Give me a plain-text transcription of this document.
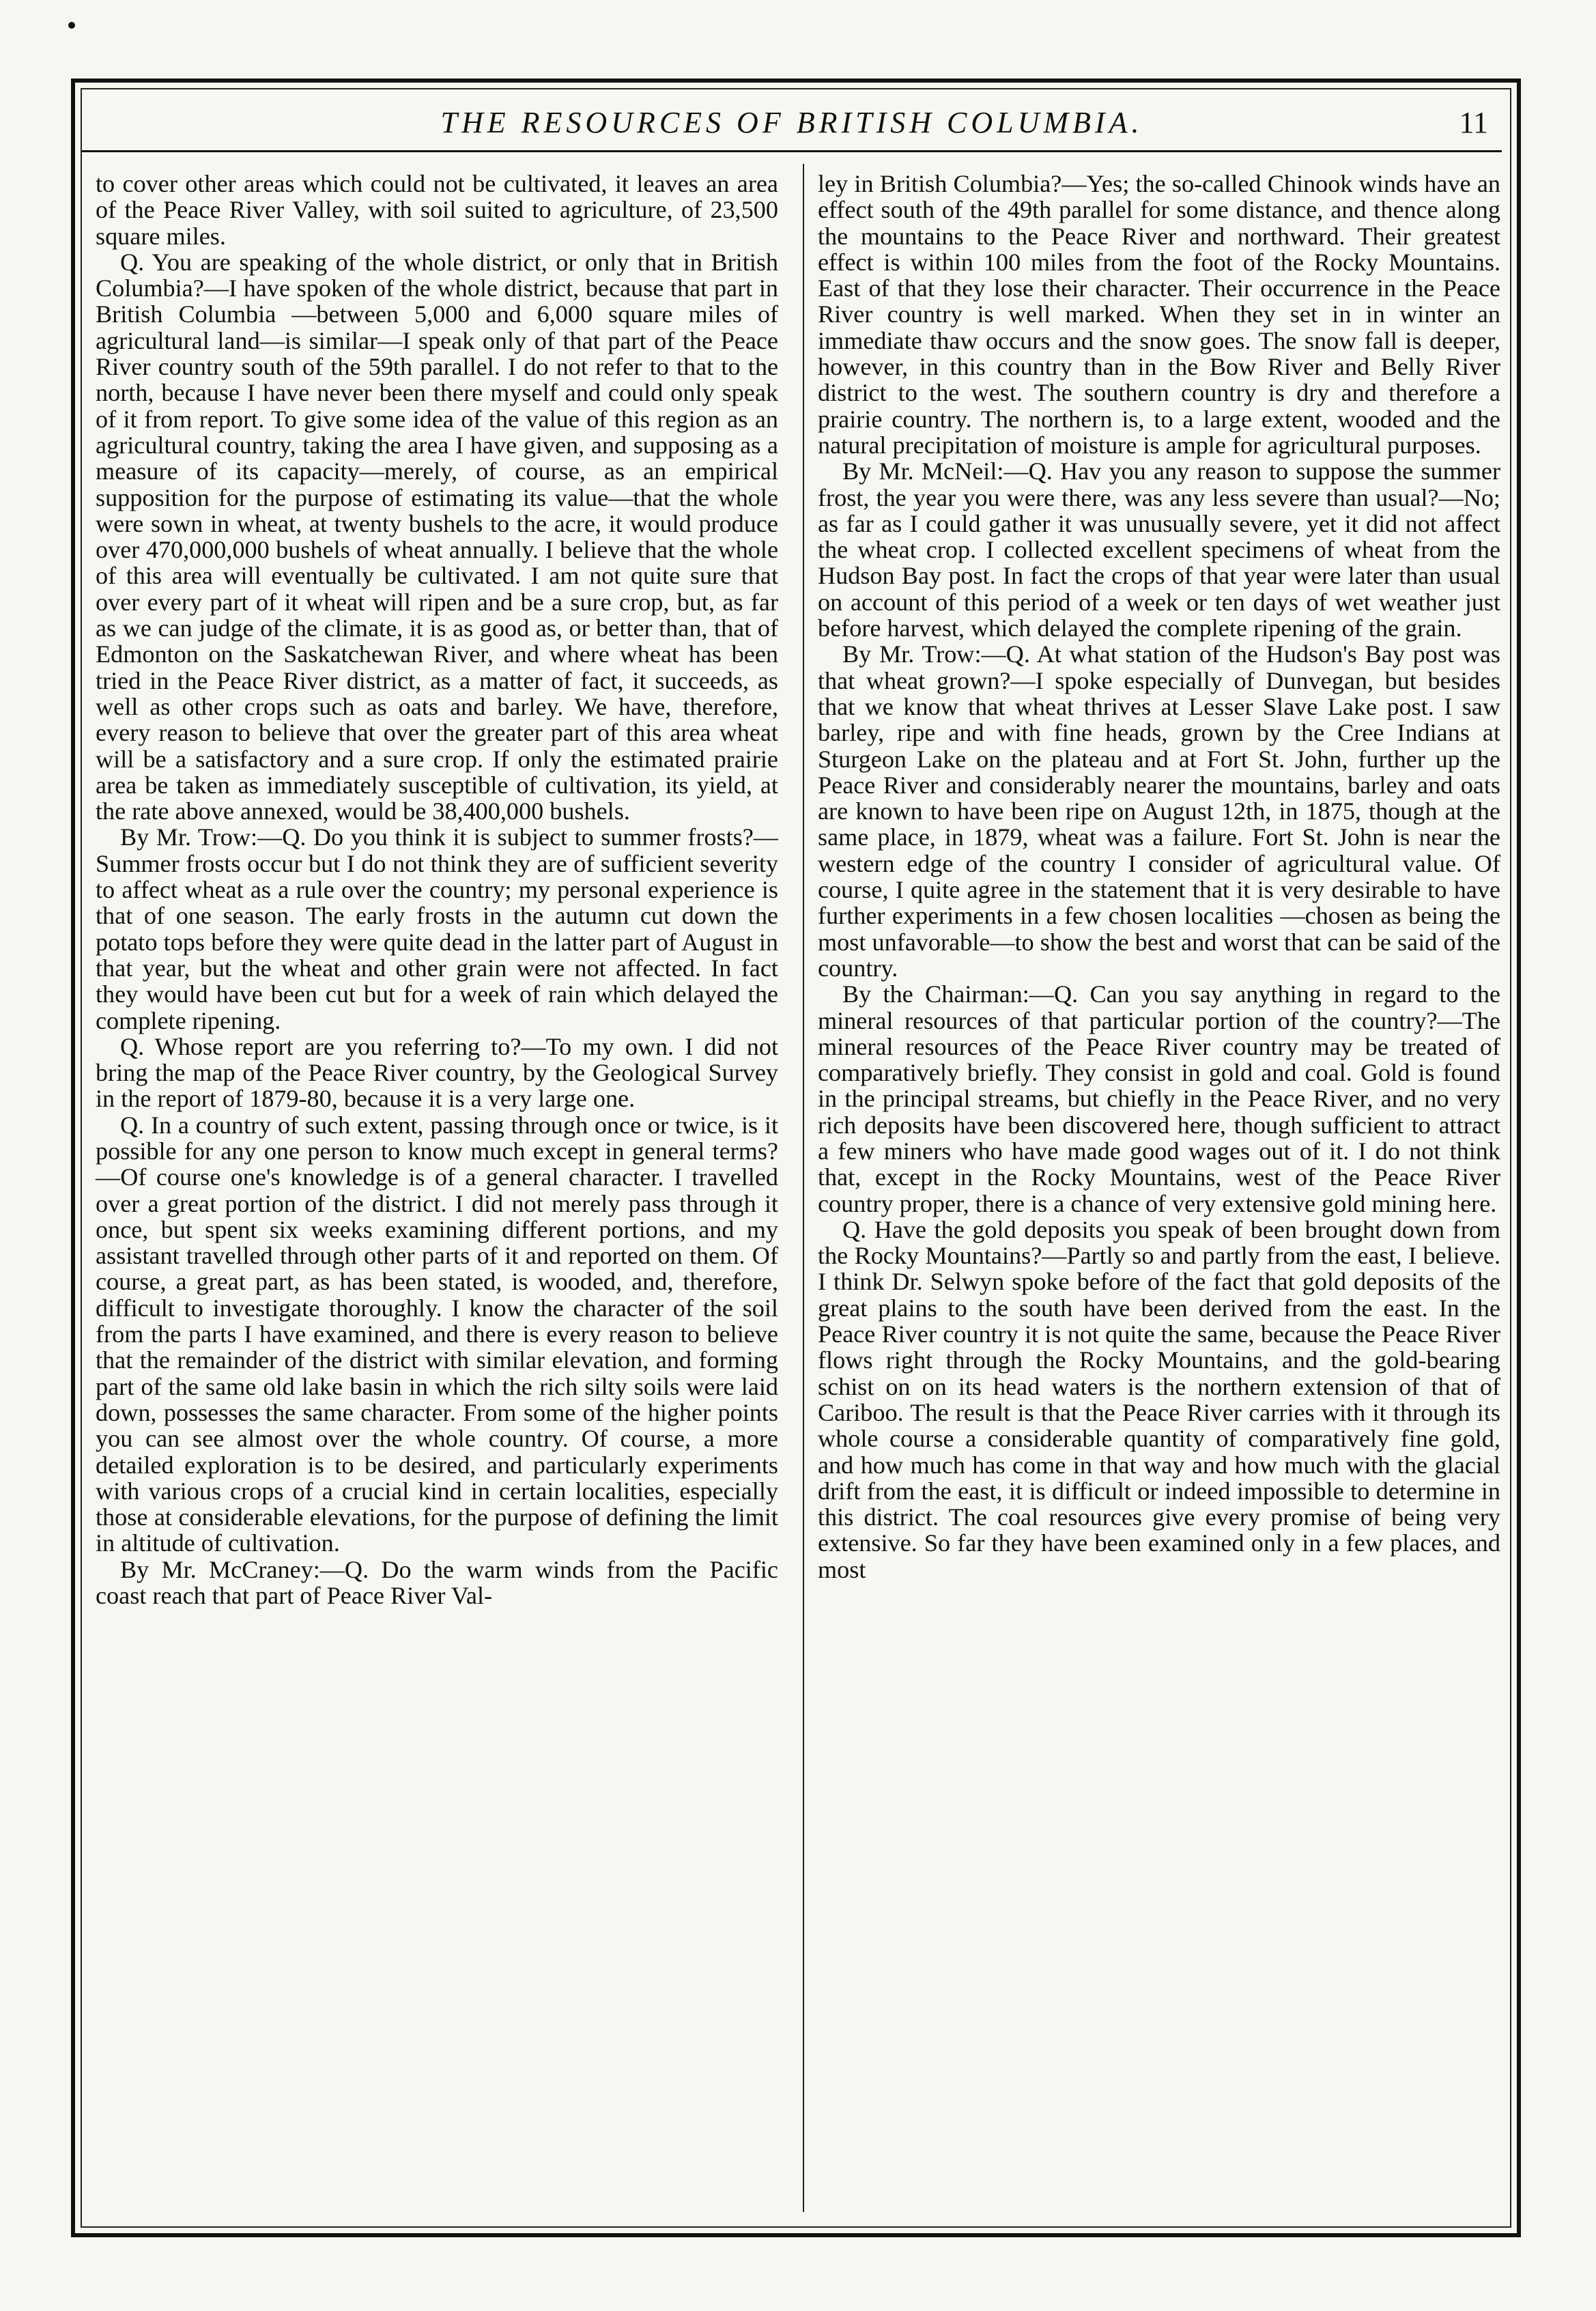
THE RESOURCES OF BRITISH COLUMBIA.	11

to cover other areas which could not be cultivated, it leaves an area of the Peace River Valley, with soil suited to agriculture, of 23,500 square miles.

Q. You are speaking of the whole district, or only that in British Columbia?—I have spoken of the whole district, because that part in British Columbia —between 5,000 and 6,000 square miles of agricultural land—is similar—I speak only of that part of the Peace River country south of the 59th parallel. I do not refer to that to the north, because I have never been there myself and could only speak of it from report. To give some idea of the value of this region as an agricultural country, taking the area I have given, and supposing as a measure of its capacity—merely, of course, as an empirical supposition for the purpose of estimating its value—that the whole were sown in wheat, at twenty bushels to the acre, it would produce over 470,000,000 bushels of wheat annually. I believe that the whole of this area will eventually be cultivated. I am not quite sure that over every part of it wheat will ripen and be a sure crop, but, as far as we can judge of the climate, it is as good as, or better than, that of Edmonton on the Saskatchewan River, and where wheat has been tried in the Peace River district, as a matter of fact, it succeeds, as well as other crops such as oats and barley. We have, therefore, every reason to believe that over the greater part of this area wheat will be a satisfactory and a sure crop. If only the estimated prairie area be taken as immediately susceptible of cultivation, its yield, at the rate above annexed, would be 38,400,000 bushels.

By Mr. Trow:—Q. Do you think it is subject to summer frosts?—Summer frosts occur but I do not think they are of sufficient severity to affect wheat as a rule over the country; my personal experience is that of one season. The early frosts in the autumn cut down the potato tops before they were quite dead in the latter part of August in that year, but the wheat and other grain were not affected. In fact they would have been cut but for a week of rain which delayed the complete ripening.

Q. Whose report are you referring to?—To my own. I did not bring the map of the Peace River country, by the Geological Survey in the report of 1879-80, because it is a very large one.

Q. In a country of such extent, passing through once or twice, is it possible for any one person to know much except in general terms?—Of course one's knowledge is of a general character. I travelled over a great portion of the district. I did not merely pass through it once, but spent six weeks examining different portions, and my assistant travelled through other parts of it and reported on them. Of course, a great part, as has been stated, is wooded, and, therefore, difficult to investigate thoroughly. I know the character of the soil from the parts I have examined, and there is every reason to believe that the remainder of the district with similar elevation, and forming part of the same old lake basin in which the rich silty soils were laid down, possesses the same character. From some of the higher points you can see almost over the whole country. Of course, a more detailed exploration is to be desired, and particularly experiments with various crops of a crucial kind in certain localities, especially those at considerable elevations, for the purpose of defining the limit in altitude of cultivation.

By Mr. McCraney:—Q. Do the warm winds from the Pacific coast reach that part of Peace River Val-

ley in British Columbia?—Yes; the so-called Chinook winds have an effect south of the 49th parallel for some distance, and thence along the mountains to the Peace River and northward. Their greatest effect is within 100 miles from the foot of the Rocky Mountains. East of that they lose their character. Their occurrence in the Peace River country is well marked. When they set in in winter an immediate thaw occurs and the snow goes. The snow fall is deeper, however, in this country than in the Bow River and Belly River district to the west. The southern country is dry and therefore a prairie country. The northern is, to a large extent, wooded and the natural precipitation of moisture is ample for agricultural purposes.

By Mr. McNeil:—Q. Hav you any reason to suppose the summer frost, the year you were there, was any less severe than usual?—No; as far as I could gather it was unusually severe, yet it did not affect the wheat crop. I collected excellent specimens of wheat from the Hudson Bay post. In fact the crops of that year were later than usual on account of this period of a week or ten days of wet weather just before harvest, which delayed the complete ripening of the grain.

By Mr. Trow:—Q. At what station of the Hudson's Bay post was that wheat grown?—I spoke especially of Dunvegan, but besides that we know that wheat thrives at Lesser Slave Lake post. I saw barley, ripe and with fine heads, grown by the Cree Indians at Sturgeon Lake on the plateau and at Fort St. John, further up the Peace River and considerably nearer the mountains, barley and oats are known to have been ripe on August 12th, in 1875, though at the same place, in 1879, wheat was a failure. Fort St. John is near the western edge of the country I consider of agricultural value. Of course, I quite agree in the statement that it is very desirable to have further experiments in a few chosen localities —chosen as being the most unfavorable—to show the best and worst that can be said of the country.

By the Chairman:—Q. Can you say anything in regard to the mineral resources of that particular portion of the country?—The mineral resources of the Peace River country may be treated of comparatively briefly. They consist in gold and coal. Gold is found in the principal streams, but chiefly in the Peace River, and no very rich deposits have been discovered here, though sufficient to attract a few miners who have made good wages out of it. I do not think that, except in the Rocky Mountains, west of the Peace River country proper, there is a chance of very extensive gold mining here.

Q. Have the gold deposits you speak of been brought down from the Rocky Mountains?—Partly so and partly from the east, I believe. I think Dr. Selwyn spoke before of the fact that gold deposits of the great plains to the south have been derived from the east. In the Peace River country it is not quite the same, because the Peace River flows right through the Rocky Mountains, and the gold-bearing schist on on its head waters is the northern extension of that of Cariboo. The result is that the Peace River carries with it through its whole course a considerable quantity of comparatively fine gold, and how much has come in that way and how much with the glacial drift from the east, it is difficult or indeed impossible to determine in this district. The coal resources give every promise of being very extensive. So far they have been examined only in a few places, and most
